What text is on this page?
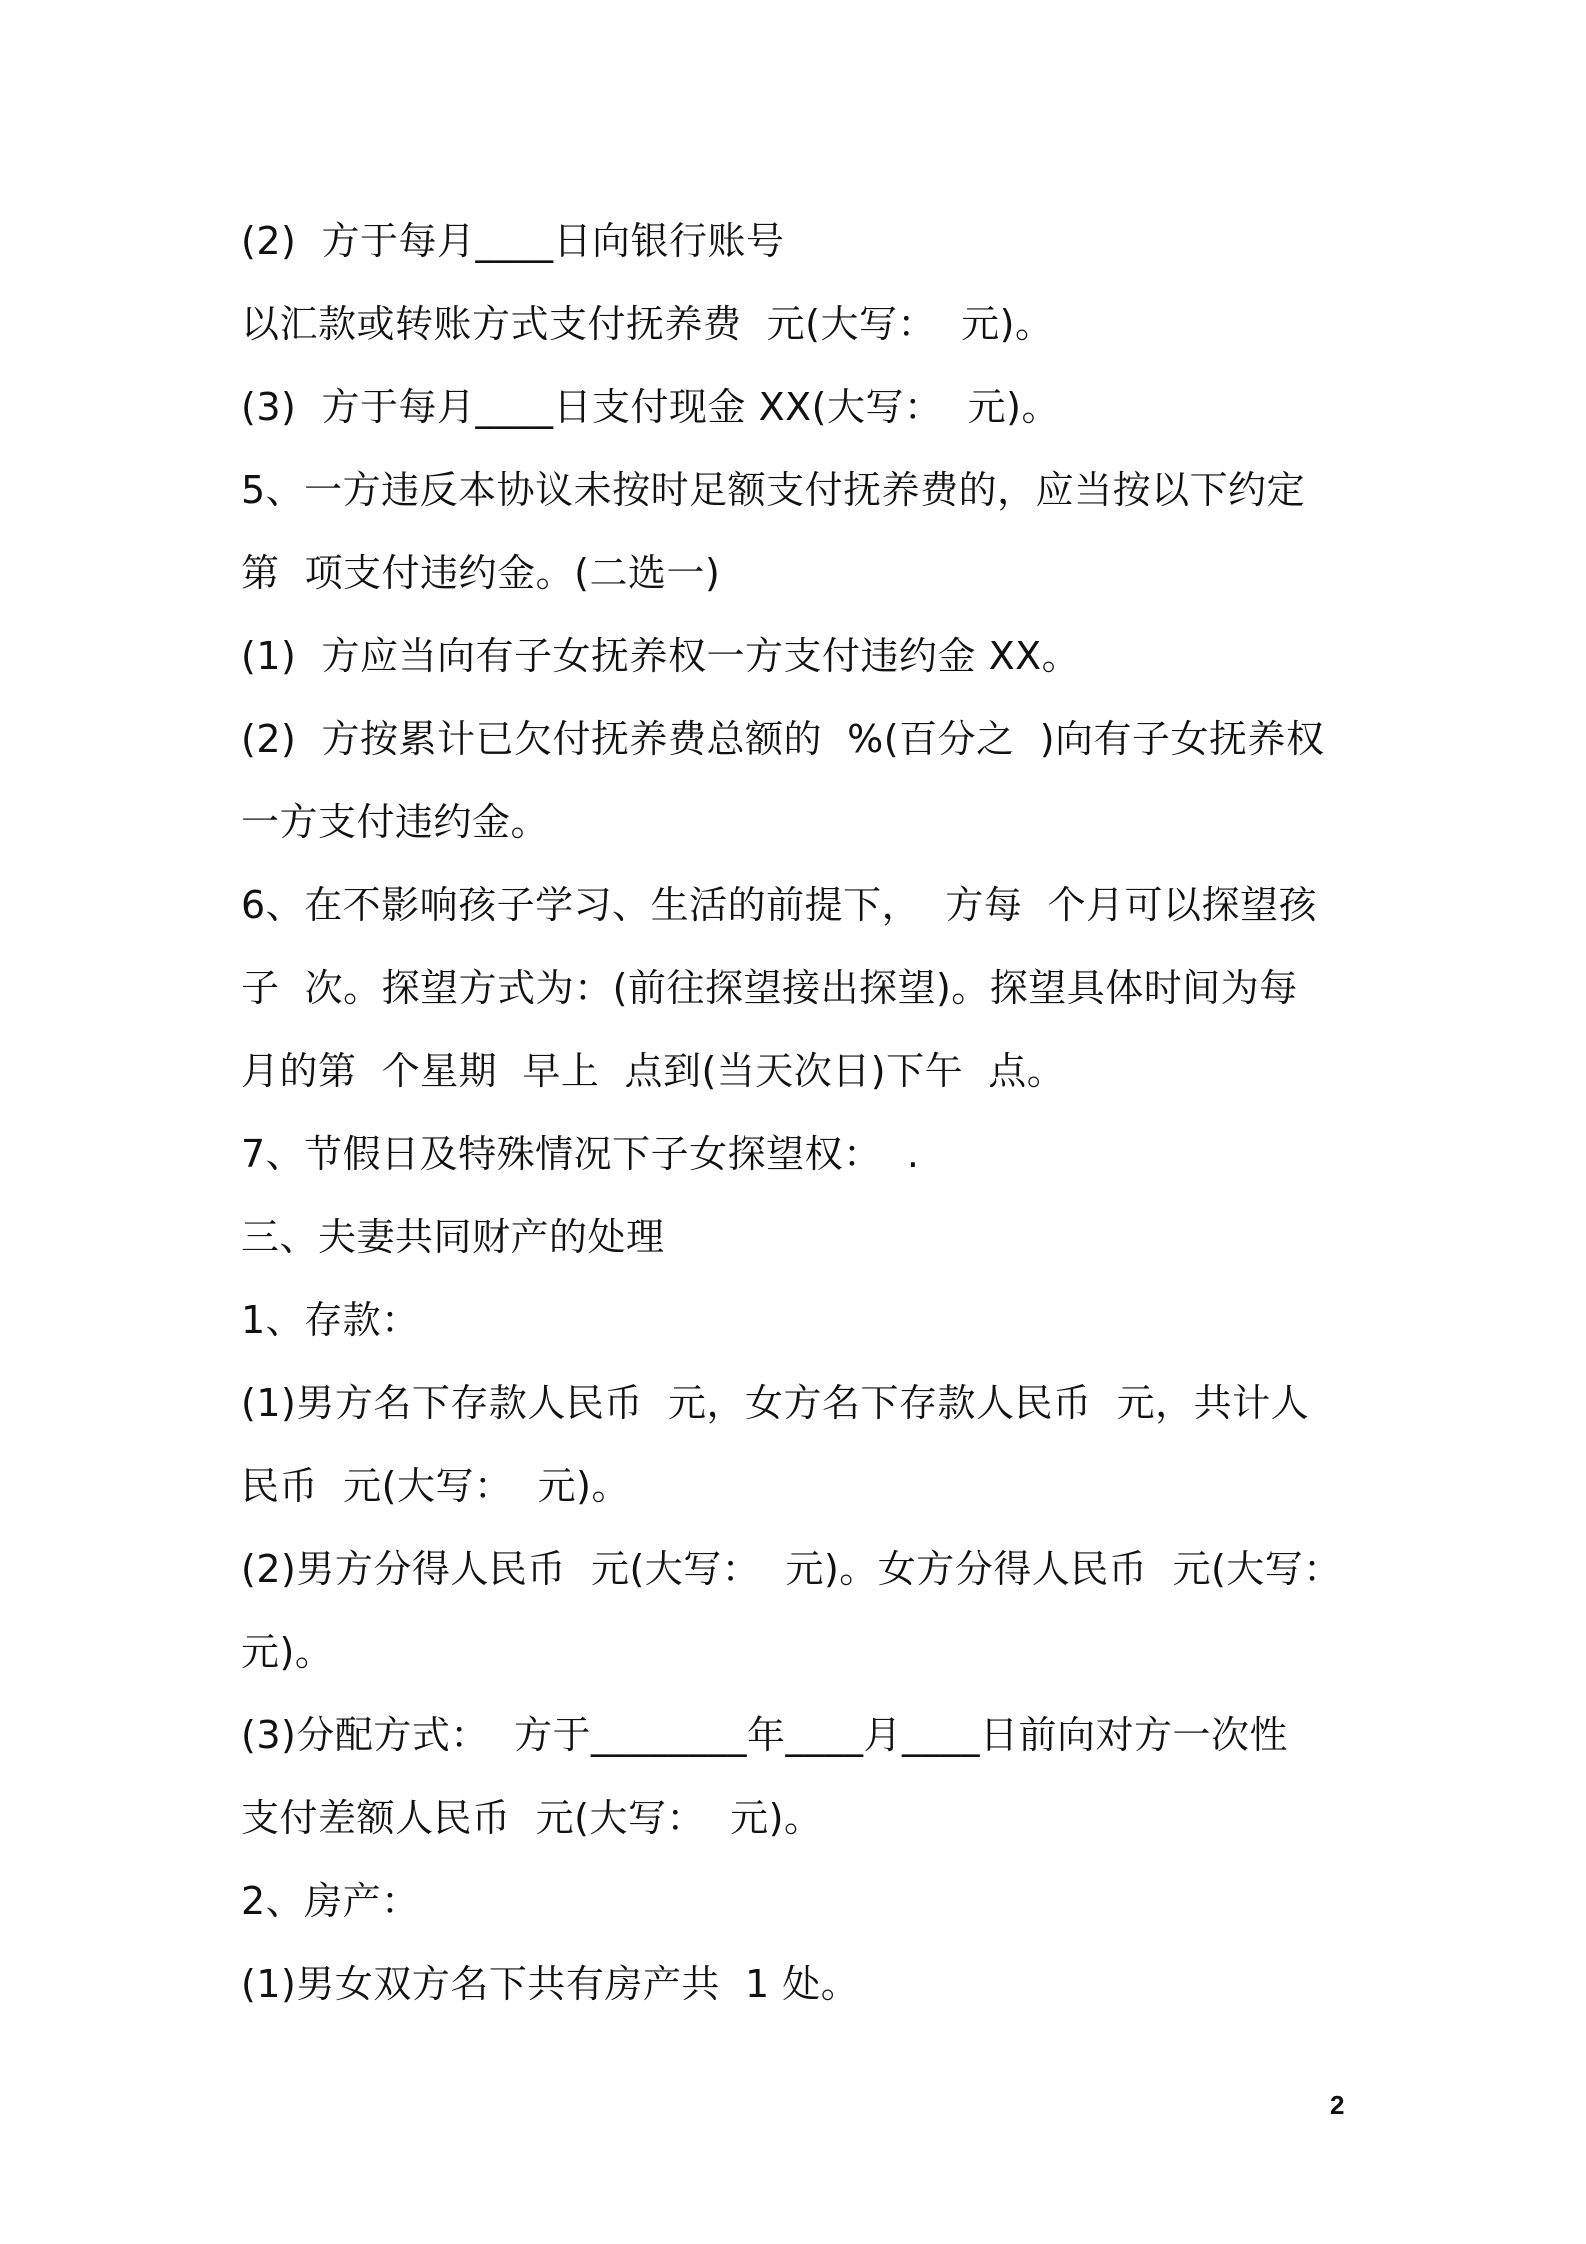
(2)  方于每月____日向银行账号
以汇款或转账方式支付抚养费  元(大写：  元)。
(3)  方于每月____日支付现金 XX(大写：  元)。
5、一方违反本协议未按时足额支付抚养费的，应当按以下约定
第  项支付违约金。(二选一)
(1)  方应当向有子女抚养权一方支付违约金 XX。
(2)  方按累计已欠付抚养费总额的  %(百分之  )向有子女抚养权
一方支付违约金。
6、在不影响孩子学习、生活的前提下，  方每  个月可以探望孩
子  次。探望方式为：(前往探望接出探望)。探望具体时间为每
月的第  个星期  早上  点到(当天次日)下午  点。
7、节假日及特殊情况下子女探望权：  .
三、夫妻共同财产的处理
1、存款：
(1)男方名下存款人民币  元，女方名下存款人民币  元，共计人
民币  元(大写：  元)。
(2)男方分得人民币  元(大写：  元)。女方分得人民币  元(大写：
元)。
(3)分配方式：  方于________年____月____日前向对方一次性
支付差额人民币  元(大写：  元)。
2、房产：
(1)男女双方名下共有房产共  1 处。
2
